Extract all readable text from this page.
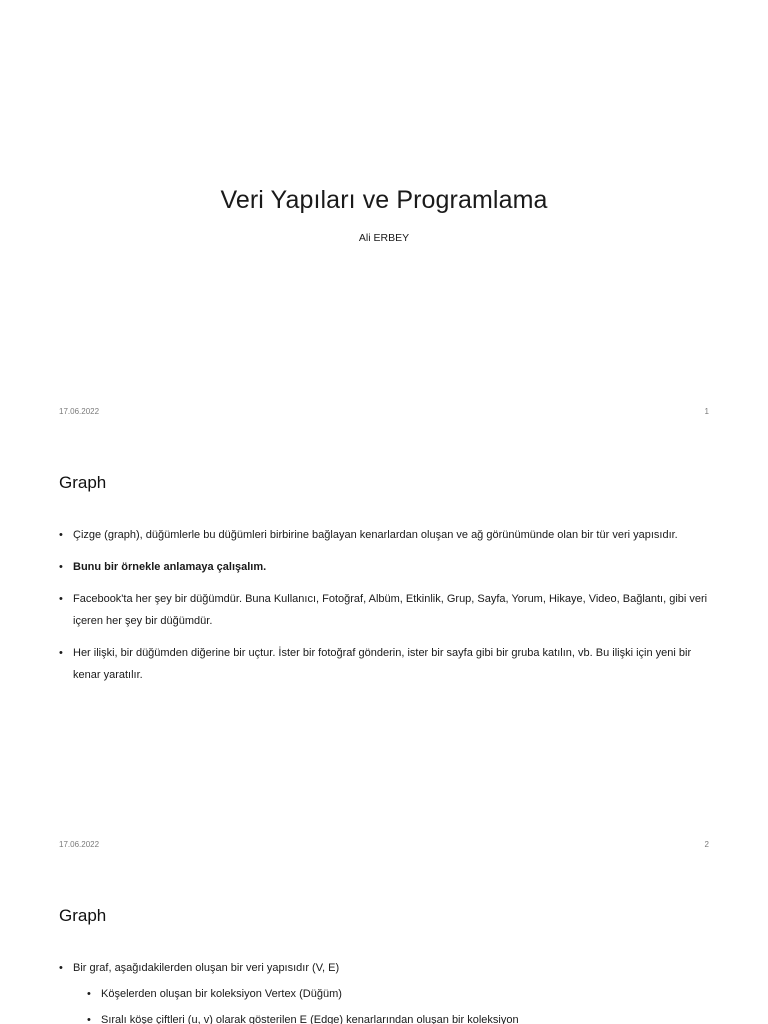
Veri Yapıları ve Programlama
Ali ERBEY
17.06.2022	1
Graph
• Çizge (graph), düğümlerle bu düğümleri birbirine bağlayan kenarlardan oluşan ve ağ görünümünde olan bir tür veri yapısıdır.
• Bunu bir örnekle anlamaya çalışalım.
• Facebook'ta her şey bir düğümdür. Buna Kullanıcı, Fotoğraf, Albüm, Etkinlik, Grup, Sayfa, Yorum, Hikaye, Video, Bağlantı, gibi veri içeren her şey bir düğümdür.
• Her ilişki, bir düğümden diğerine bir uçtur. İster bir fotoğraf gönderin, ister bir sayfa gibi bir gruba katılın, vb. Bu ilişki için yeni bir kenar yaratılır.
17.06.2022	2
Graph
• Bir graf, aşağıdakilerden oluşan bir veri yapısıdır (V, E)
• Köşelerden oluşan bir koleksiyon Vertex (Düğüm)
• Sıralı köşe çiftleri (u, v) olarak gösterilen E (Edge) kenarlarından oluşan bir koleksiyon
